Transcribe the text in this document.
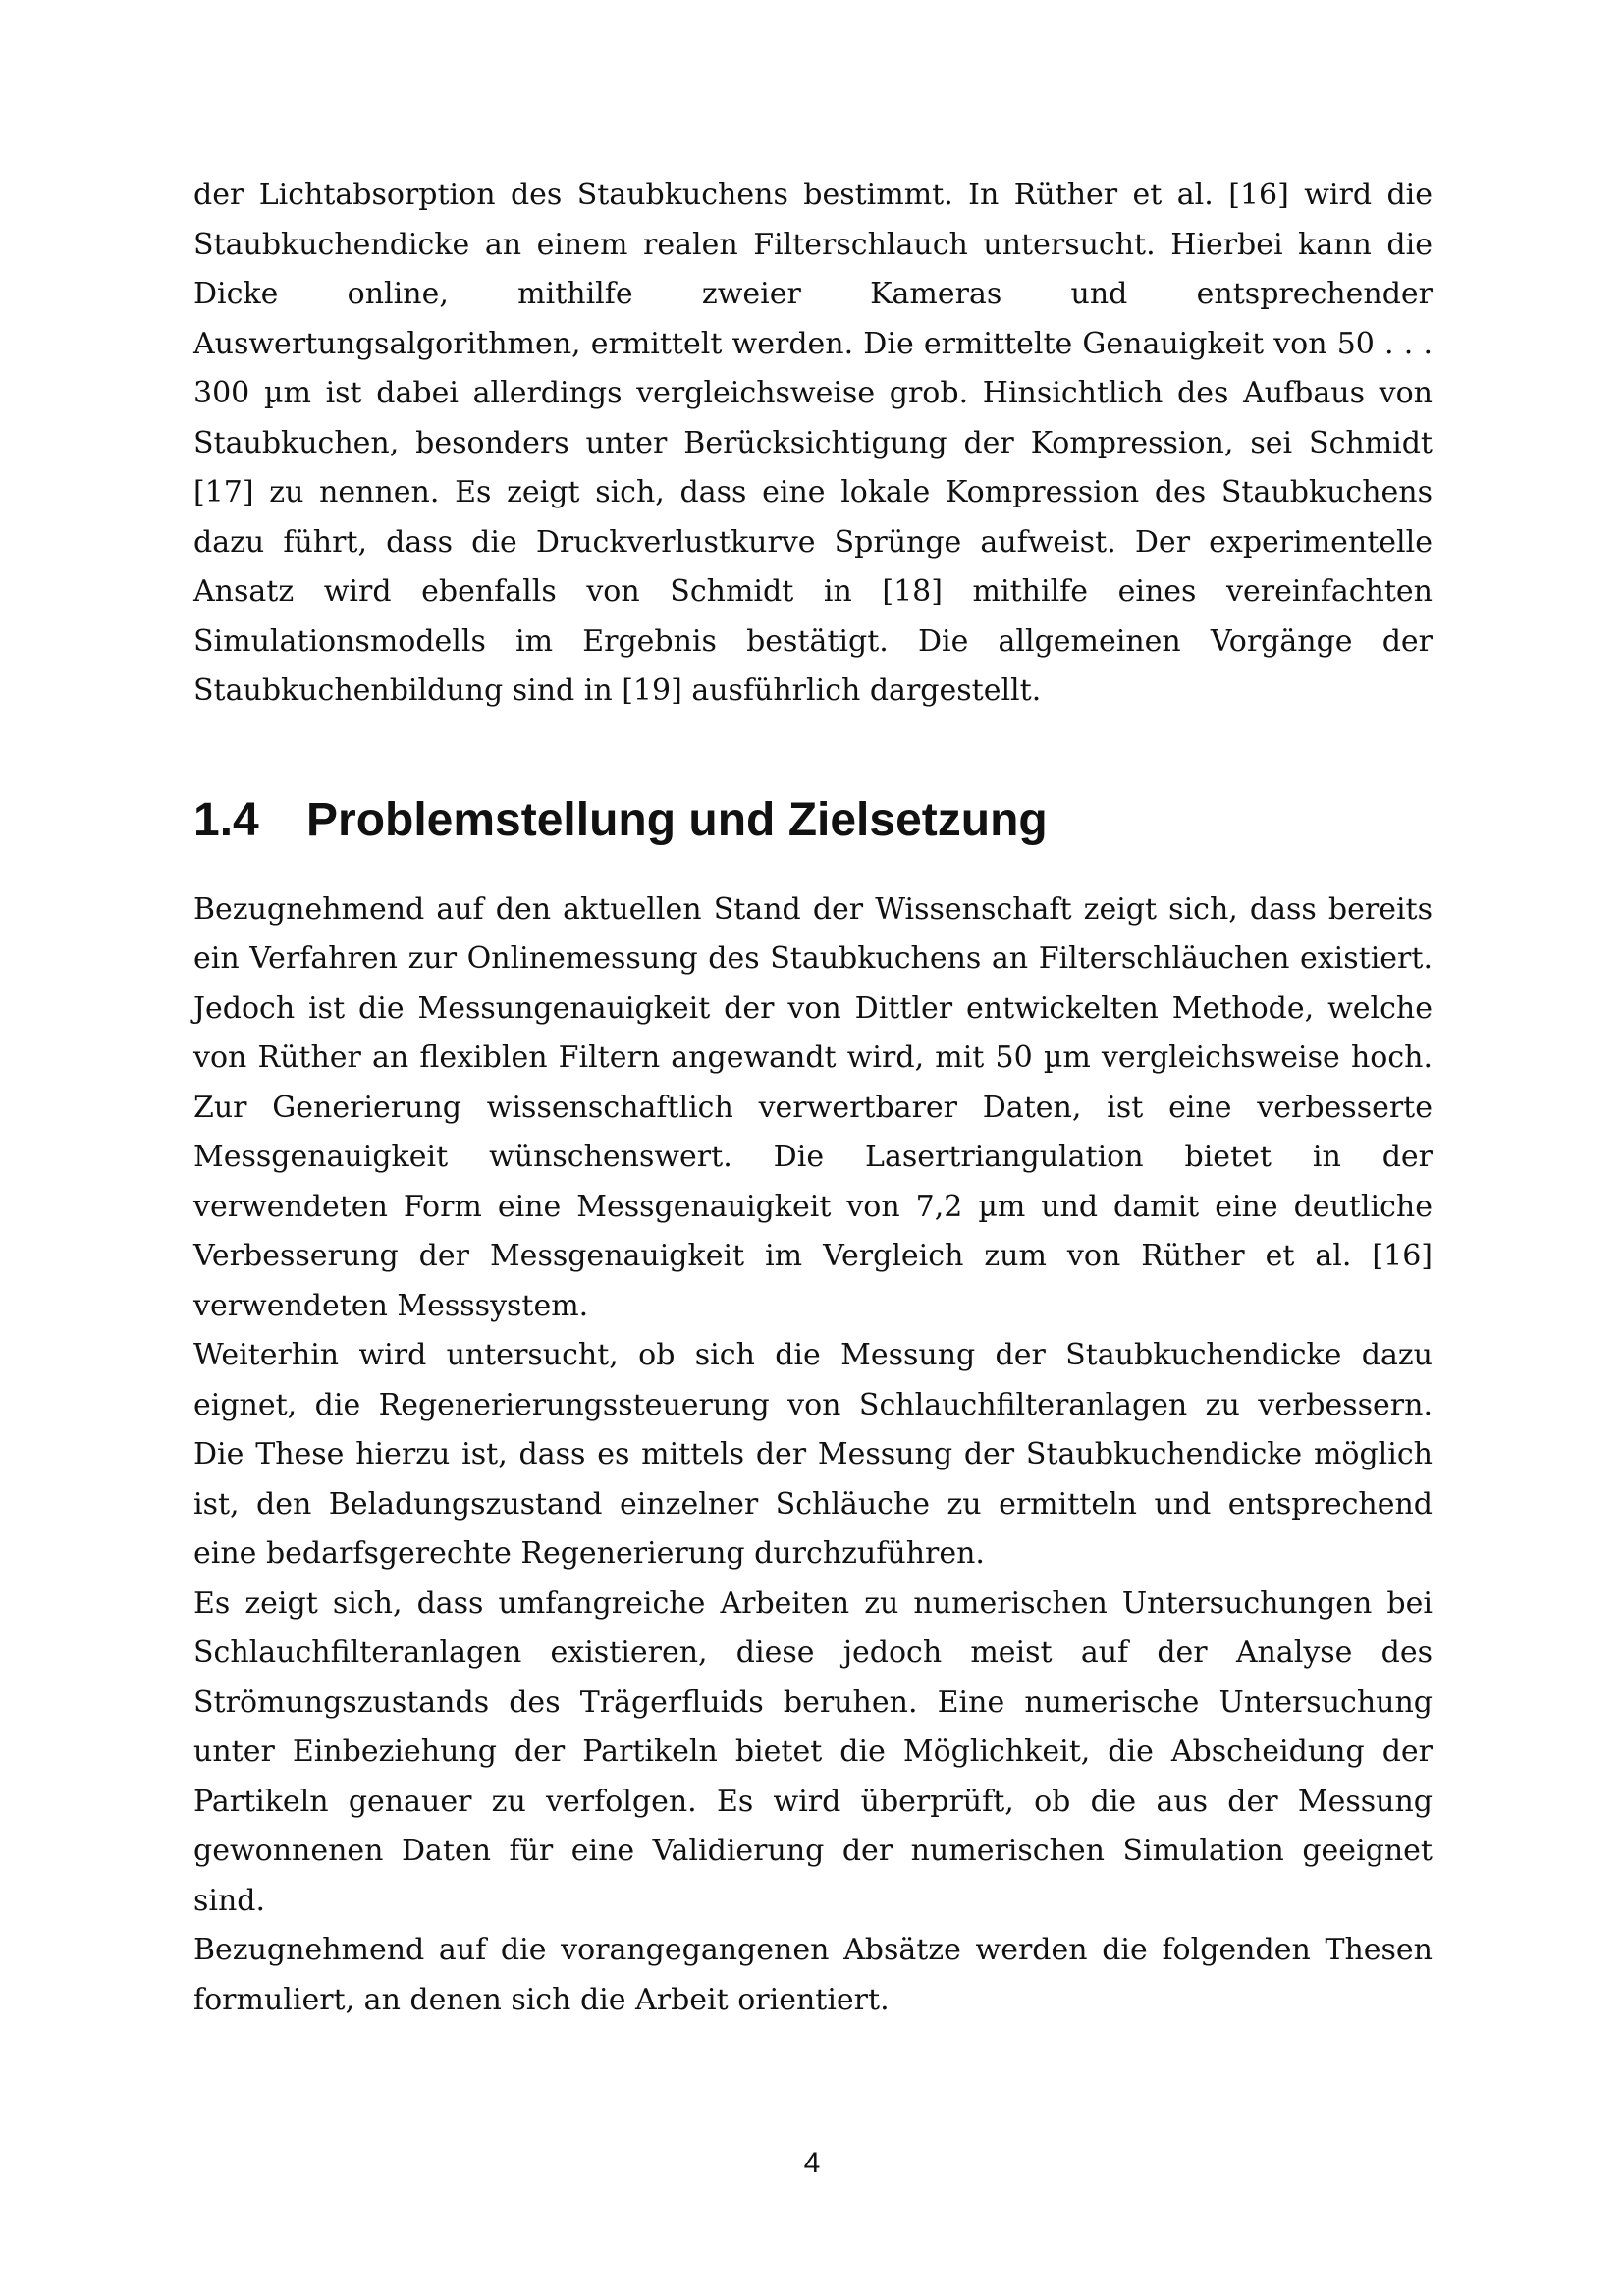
der Lichtabsorption des Staubkuchens bestimmt. In Rüther et al. [16] wird die Staubkuchendicke an einem realen Filterschlauch untersucht. Hierbei kann die Dicke online, mithilfe zweier Kameras und entsprechender Auswertungsalgorithmen, ermittelt werden. Die ermittelte Genauigkeit von 50 . . . 300 µm ist dabei allerdings vergleichsweise grob. Hinsichtlich des Aufbaus von Staubkuchen, besonders unter Berücksichtigung der Kompression, sei Schmidt [17] zu nennen. Es zeigt sich, dass eine lokale Kompression des Staubkuchens dazu führt, dass die Druckverlustkurve Sprünge aufweist. Der experimentelle Ansatz wird ebenfalls von Schmidt in [18] mithilfe eines vereinfachten Simulationsmodells im Ergebnis bestätigt. Die allgemeinen Vorgänge der Staubkuchenbildung sind in [19] ausführlich dargestellt.

1.4	Problemstellung und Zielsetzung

Bezugnehmend auf den aktuellen Stand der Wissenschaft zeigt sich, dass bereits ein Verfahren zur Onlinemessung des Staubkuchens an Filterschläuchen existiert. Jedoch ist die Messungenauigkeit der von Dittler entwickelten Methode, welche von Rüther an flexiblen Filtern angewandt wird, mit 50 µm vergleichsweise hoch. Zur Generierung wissenschaftlich verwertbarer Daten, ist eine verbesserte Messgenauigkeit wünschenswert. Die Lasertriangulation bietet in der verwendeten Form eine Messgenauigkeit von 7,2 µm und damit eine deutliche Verbesserung der Messgenauigkeit im Vergleich zum von Rüther et al. [16] verwendeten Messsystem.

Weiterhin wird untersucht, ob sich die Messung der Staubkuchendicke dazu eignet, die Regenerierungssteuerung von Schlauchfilteranlagen zu verbessern. Die These hierzu ist, dass es mittels der Messung der Staubkuchendicke möglich ist, den Beladungszustand einzelner Schläuche zu ermitteln und entsprechend eine bedarfsgerechte Regenerierung durchzuführen.

Es zeigt sich, dass umfangreiche Arbeiten zu numerischen Untersuchungen bei Schlauchfilteranlagen existieren, diese jedoch meist auf der Analyse des Strömungszustands des Trägerfluids beruhen. Eine numerische Untersuchung unter Einbeziehung der Partikeln bietet die Möglichkeit, die Abscheidung der Partikeln genauer zu verfolgen. Es wird überprüft, ob die aus der Messung gewonnenen Daten für eine Validierung der numerischen Simulation geeignet sind.

Bezugnehmend auf die vorangegangenen Absätze werden die folgenden Thesen formuliert, an denen sich die Arbeit orientiert.

4
